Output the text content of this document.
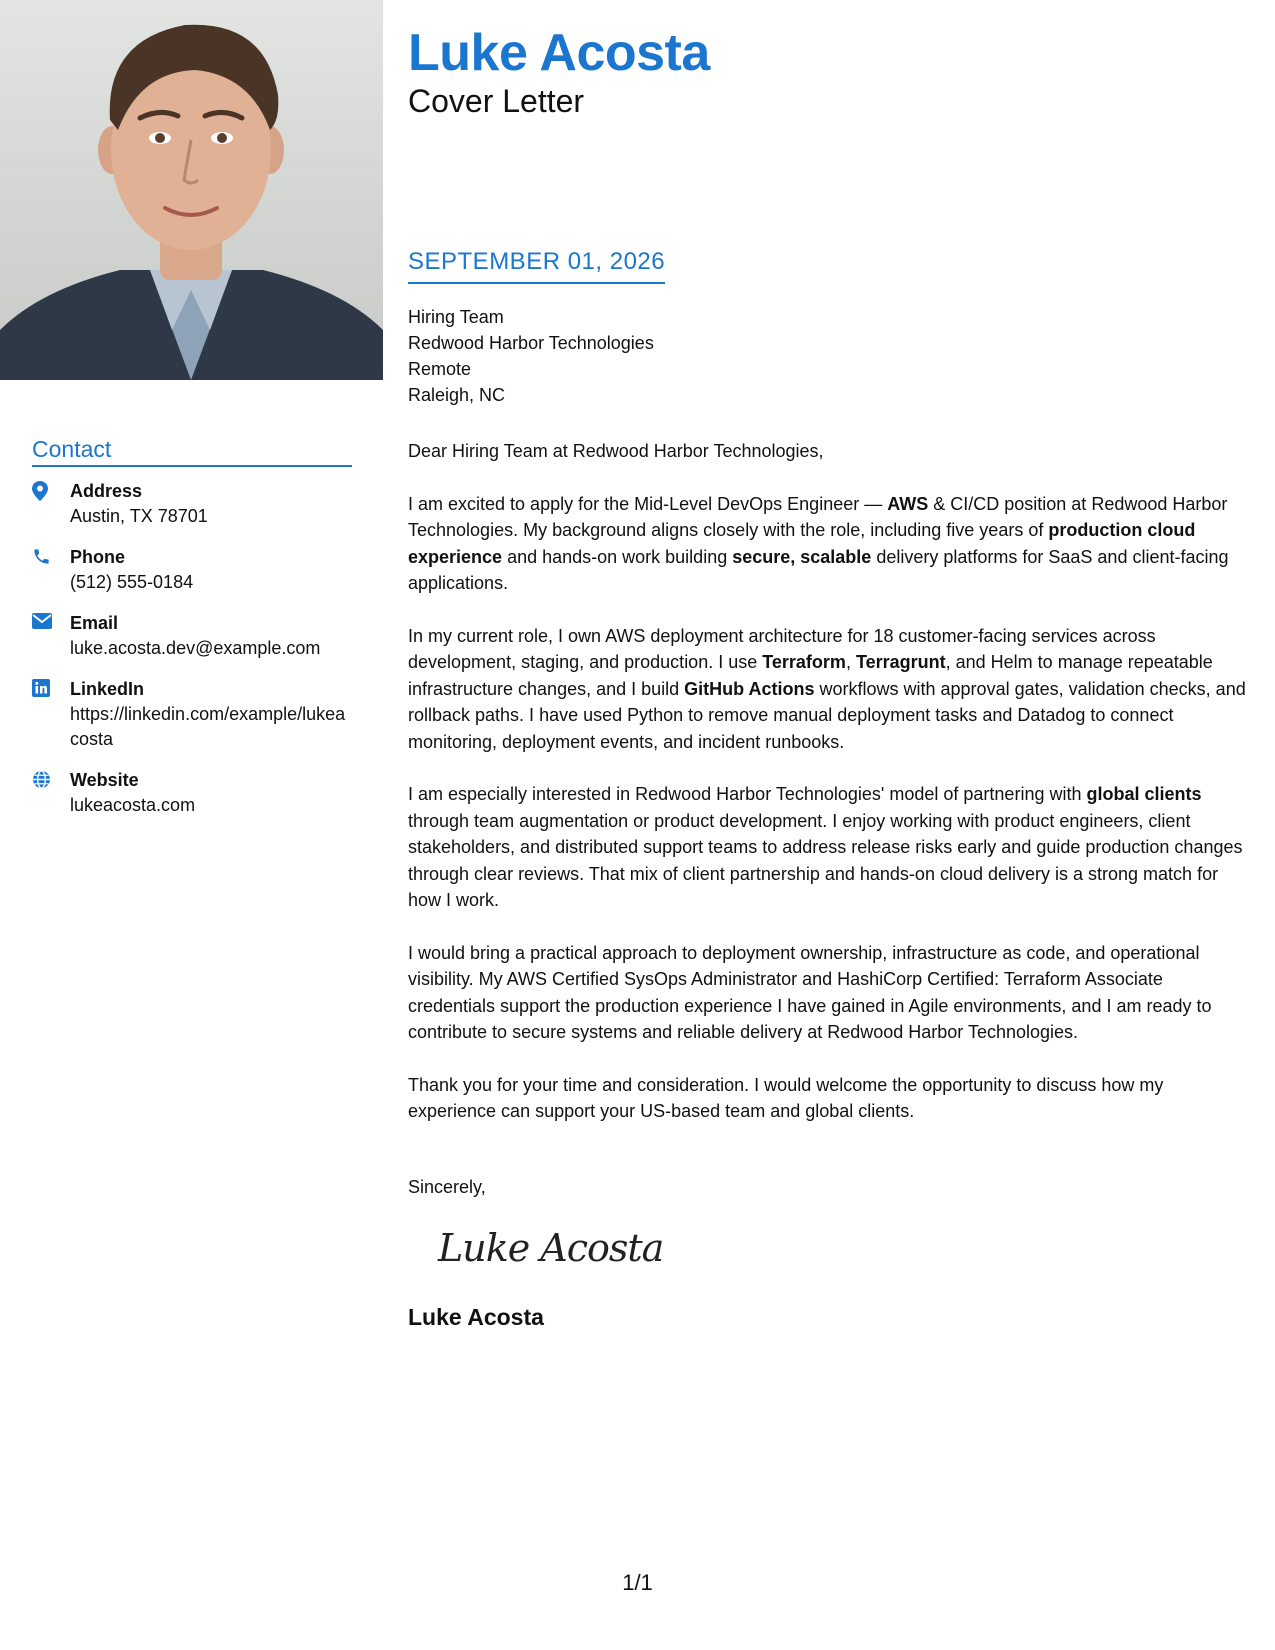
Contact
Address
Austin, TX 78701
Phone
(512) 555-0184
Email
luke.acosta.dev@example.com
LinkedIn
https://linkedin.com/example/lukeacosta
Website
lukeacosta.com
Luke Acosta
Cover Letter
SEPTEMBER 01, 2026
Hiring Team
Redwood Harbor Technologies
Remote
Raleigh, NC

Dear Hiring Team at Redwood Harbor Technologies,

I am excited to apply for the Mid-Level DevOps Engineer — AWS & CI/CD position at Redwood Harbor Technologies. My background aligns closely with the role, including five years of production cloud experience and hands-on work building secure, scalable delivery platforms for SaaS and client-facing applications.

In my current role, I own AWS deployment architecture for 18 customer-facing services across development, staging, and production. I use Terraform, Terragrunt, and Helm to manage repeatable infrastructure changes, and I build GitHub Actions workflows with approval gates, validation checks, and rollback paths. I have used Python to remove manual deployment tasks and Datadog to connect monitoring, deployment events, and incident runbooks.

I am especially interested in Redwood Harbor Technologies' model of partnering with global clients through team augmentation or product development. I enjoy working with product engineers, client stakeholders, and distributed support teams to address release risks early and guide production changes through clear reviews. That mix of client partnership and hands-on cloud delivery is a strong match for how I work.

I would bring a practical approach to deployment ownership, infrastructure as code, and operational visibility. My AWS Certified SysOps Administrator and HashiCorp Certified: Terraform Associate credentials support the production experience I have gained in Agile environments, and I am ready to contribute to secure systems and reliable delivery at Redwood Harbor Technologies.

Thank you for your time and consideration. I would welcome the opportunity to discuss how my experience can support your US-based team and global clients.

Sincerely,
Luke Acosta
Luke Acosta
1/1
